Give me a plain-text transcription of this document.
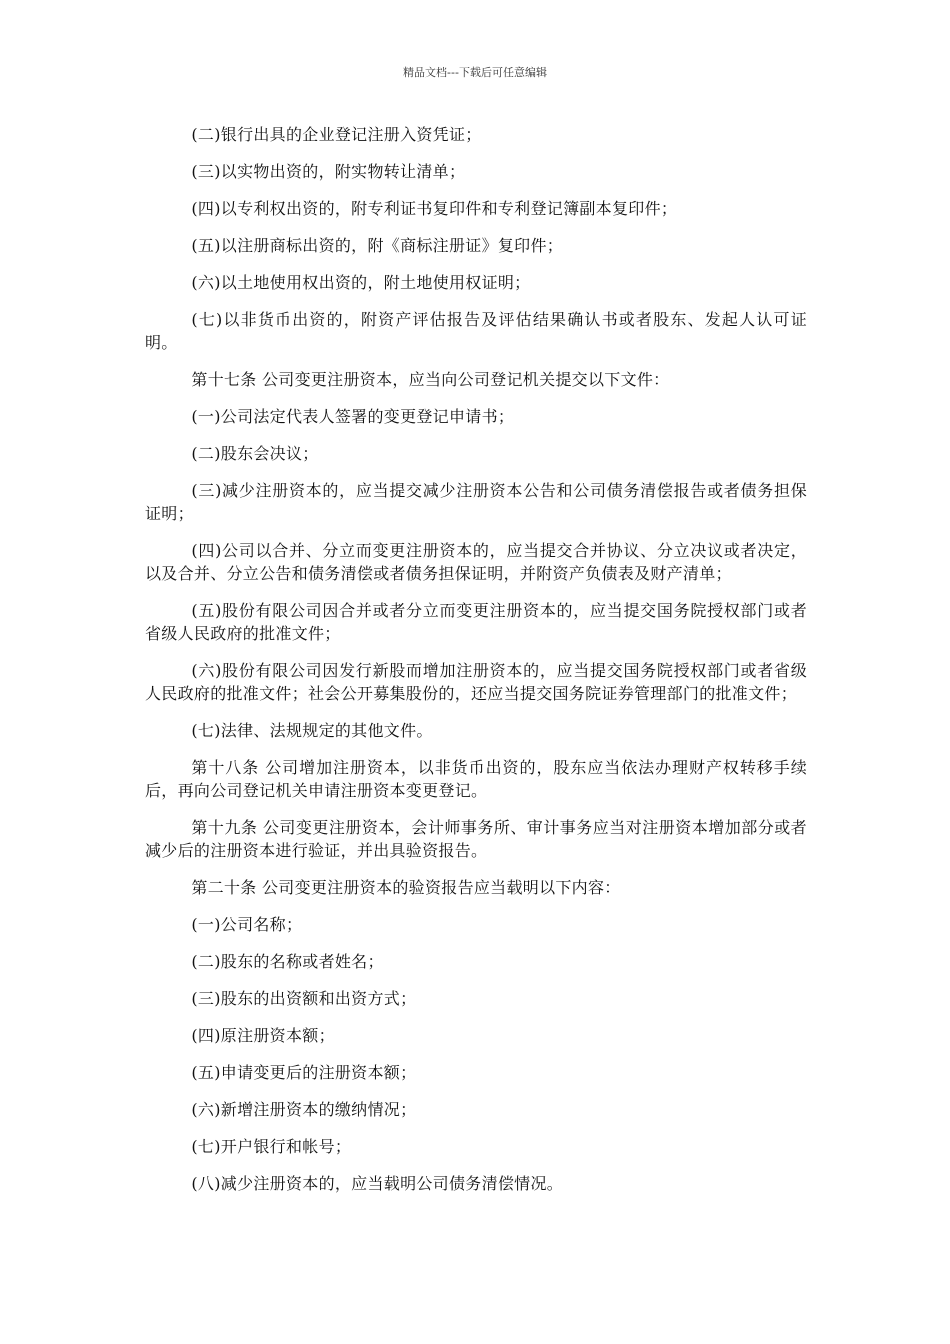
精品文档---下载后可任意编辑

(二)银行出具的企业登记注册入资凭证；

(三)以实物出资的，附实物转让清单；

(四)以专利权出资的，附专利证书复印件和专利登记簿副本复印件；

(五)以注册商标出资的，附《商标注册证》复印件；

(六)以土地使用权出资的，附土地使用权证明；

(七)以非货币出资的，附资产评估报告及评估结果确认书或者股东、发起人认可证明。

第十七条 公司变更注册资本，应当向公司登记机关提交以下文件：

(一)公司法定代表人签署的变更登记申请书；

(二)股东会决议；

(三)减少注册资本的，应当提交减少注册资本公告和公司债务清偿报告或者债务担保证明；

(四)公司以合并、分立而变更注册资本的，应当提交合并协议、分立决议或者决定，以及合并、分立公告和债务清偿或者债务担保证明，并附资产负债表及财产清单；

(五)股份有限公司因合并或者分立而变更注册资本的，应当提交国务院授权部门或者省级人民政府的批准文件；

(六)股份有限公司因发行新股而增加注册资本的，应当提交国务院授权部门或者省级人民政府的批准文件；社会公开募集股份的，还应当提交国务院证券管理部门的批准文件；

(七)法律、法规规定的其他文件。

第十八条 公司增加注册资本，以非货币出资的，股东应当依法办理财产权转移手续后，再向公司登记机关申请注册资本变更登记。

第十九条 公司变更注册资本，会计师事务所、审计事务应当对注册资本增加部分或者减少后的注册资本进行验证，并出具验资报告。

第二十条 公司变更注册资本的验资报告应当载明以下内容：

(一)公司名称；

(二)股东的名称或者姓名；

(三)股东的出资额和出资方式；

(四)原注册资本额；

(五)申请变更后的注册资本额；

(六)新增注册资本的缴纳情况；

(七)开户银行和帐号；

(八)减少注册资本的，应当载明公司债务清偿情况。
